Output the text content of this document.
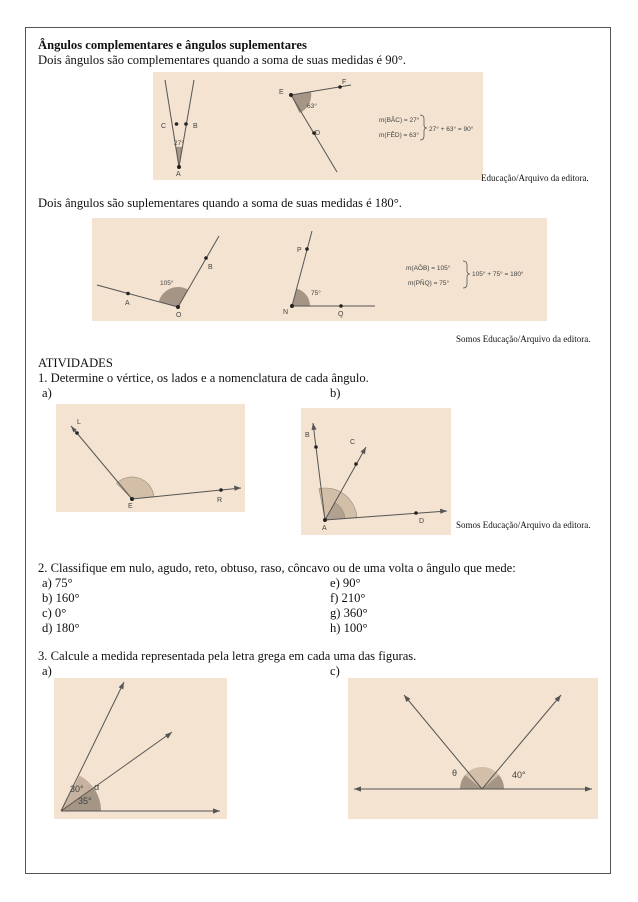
Ângulos complementares e ângulos suplementares
Dois ângulos são complementares quando a soma de suas medidas é 90°.
C	B
A
27°
E
F
D
63°
m(BÂC) = 27°
m(FÊD) = 63°
27° + 63° = 90°
Educação/Arquivo da editora.
Dois ângulos são suplementares quando a soma de suas medidas é 180°.
A
O
B
105°
P
N	Q
75°
m(AÔB) = 105°
m(PN̂Q) = 75°
105° + 75° = 180°
Somos Educação/Arquivo da editora.
ATIVIDADES
1. Determine o vértice, os lados e a nomenclatura de cada ângulo.
a)	b)
L
E
R
B
C
A
D	Somos Educação/Arquivo da editora.
2. Classifique em nulo, agudo, reto, obtuso, raso, côncavo ou de uma volta o ângulo que mede:
a) 75°
b) 160°
c) 0°
d) 180°
e) 90°
f) 210°
g) 360°
h) 100°
3. Calcule a medida representada pela letra grega em cada uma das figuras.
a)	c)
30°
35°
α
θ	40°
